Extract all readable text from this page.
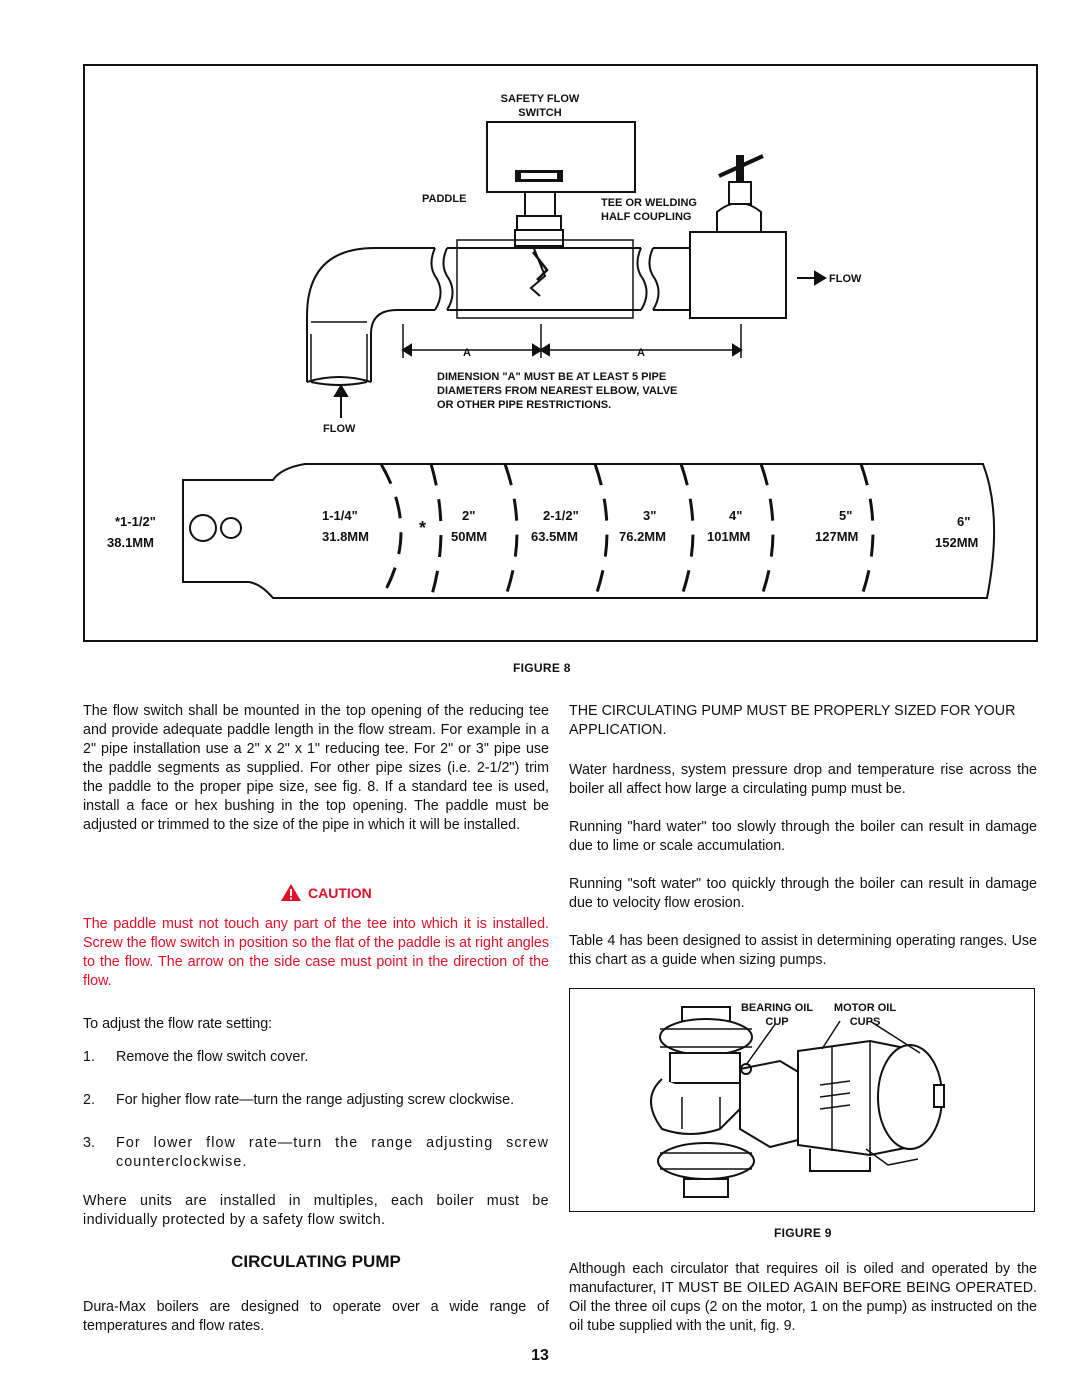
SAFETY FLOW
SWITCH
PADDLE	TEE OR WELDING
HALF COUPLING
FLOW
FLOW
A	A
DIMENSION "A" MUST BE AT LEAST 5 PIPE
DIAMETERS FROM NEAREST ELBOW, VALVE
OR OTHER PIPE RESTRICTIONS.
*1-1/2"
38.1MM
1-1/4"
31.8MM	*
2"
50MM
2-1/2"
63.5MM
3"
76.2MM
4"
101MM
5"
127MM
6"
152MM
FIGURE 8
The flow switch shall be mounted in the top opening of the reducing tee and provide adequate paddle length in the flow stream. For example in a 2" pipe installation use a 2" x 2" x 1" reducing tee. For 2" or 3" pipe use the paddle segments as supplied. For other pipe sizes (i.e. 2-1/2") trim the paddle to the proper pipe size, see fig. 8. If a standard tee is used, install a face or hex bushing in the top opening. The paddle must be adjusted or trimmed to the size of the pipe in which it will be installed.
CAUTION
The paddle must not touch any part of the tee into which it is installed. Screw the flow switch in position so the flat of the paddle is at right angles to the flow. The arrow on the side case must point in the direction of the flow.
To adjust the flow rate setting:
1. Remove the flow switch cover.
2. For higher flow rate—turn the range adjusting screw clockwise.
3. For lower flow rate—turn the range adjusting screw counterclockwise.
Where units are installed in multiples, each boiler must be individually protected by a safety flow switch.
CIRCULATING PUMP
Dura-Max boilers are designed to operate over a wide range of temperatures and flow rates.
THE CIRCULATING PUMP MUST BE PROPERLY SIZED FOR YOUR APPLICATION.
Water hardness, system pressure drop and temperature rise across the boiler all affect how large a circulating pump must be.
Running "hard water" too slowly through the boiler can result in damage due to lime or scale accumulation.
Running "soft water" too quickly through the boiler can result in damage due to velocity flow erosion.
Table 4 has been designed to assist in determining operating ranges. Use this chart as a guide when sizing pumps.
BEARING OIL
CUP
MOTOR OIL
CUPS
FIGURE 9
Although each circulator that requires oil is oiled and operated by the manufacturer, IT MUST BE OILED AGAIN BEFORE BEING OPERATED. Oil the three oil cups (2 on the motor, 1 on the pump) as instructed on the oil tube supplied with the unit, fig. 9.
13
